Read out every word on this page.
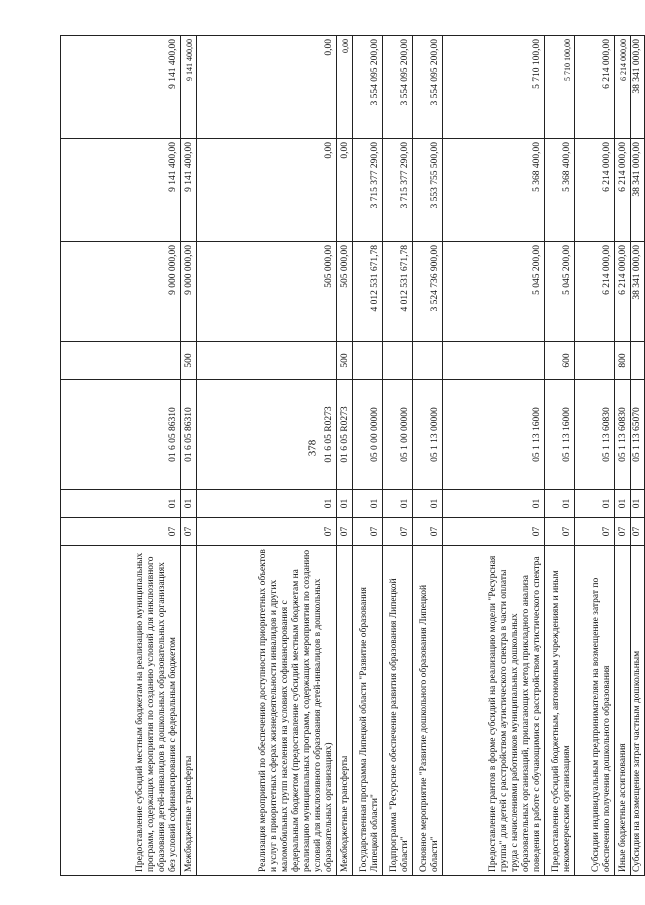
378
Предоставление субсидий местным бюджетам на реализацию муниципальных программ, содержащих мероприятия по созданию условий для инклюзивного образования детей-инвалидов в дошкольных образовательных организациях без условий софинансирования с федеральным бюджетом	07	01	01 6 05 86310		9 000 000,00	9 141 400,00	9 141 400,00
Межбюджетные трансферты	07	01	01 6 05 86310	500	9 000 000,00	9 141 400,00	9 141 400,00
Реализация мероприятий по обеспечению доступности приоритетных объектов и услуг в приоритетных сферах жизнедеятельности инвалидов и других маломобильных групп населения на условиях софинансирования с федеральным бюджетом (предоставление субсидий местным бюджетам на реализацию муниципальных программ, содержащих мероприятия по созданию условий для инклюзивного образования детей-инвалидов в дошкольных образовательных организациях)	07	01	01 6 05 R0273		505 000,00	0,00	0,00
Межбюджетные трансферты	07	01	01 6 05 R0273	500	505 000,00	0,00	0,00
Государственная программа Липецкой области "Развитие образования Липецкой области"	07	01	05 0 00 00000		4 012 531 671,78	3 715 377 290,00	3 554 095 200,00
Подпрограмма "Ресурсное обеспечение развития образования Липецкой области"	07	01	05 1 00 00000		4 012 531 671,78	3 715 377 290,00	3 554 095 200,00
Основное мероприятие "Развитие дошкольного образования Липецкой области"	07	01	05 1 13 00000		3 524 736 900,00	3 553 755 500,00	3 554 095 200,00
Предоставление грантов в форме субсидий на реализацию модели "Ресурсная группа" для детей с расстройством аутистического спектра в части оплаты труда с начислениями работников муниципальных дошкольных образовательных организаций, прилагающих метод прикладного анализа поведения в работе с обучающимися с расстройством аутистического спектра	07	01	05 1 13 16000		5 045 200,00	5 368 400,00	5 710 100,00
Предоставление субсидий бюджетным, автономным учреждениям и иным некоммерческим организациям	07	01	05 1 13 16000	600	5 045 200,00	5 368 400,00	5 710 100,00
Субсидии индивидуальным предпринимателям на возмещение затрат по обеспечению получения дошкольного образования	07	01	05 1 13 60830		6 214 000,00	6 214 000,00	6 214 000,00
Иные бюджетные ассигнования	07	01	05 1 13 60830	800	6 214 000,00	6 214 000,00	6 214 000,00
Субсидия на возмещение затрат частным дошкольным	07	01	05 1 13 65070		38 341 000,00	38 341 000,00	38 341 000,00
